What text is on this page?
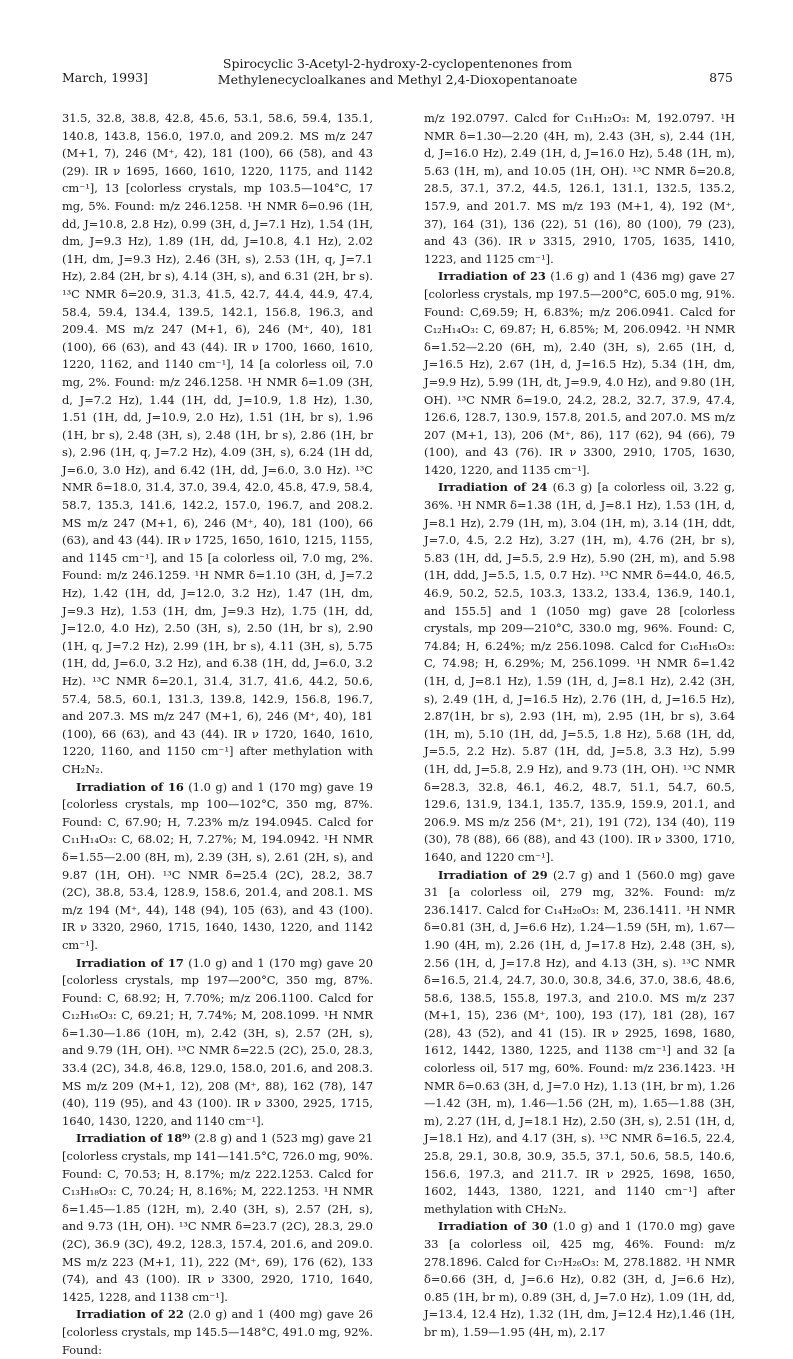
March, 1993]
Spirocyclic 3-Acetyl-2-hydroxy-2-cyclopentenones from
Methylenecycloalkanes and Methyl 2,4-Dioxopentanoate	875

31.5, 32.8, 38.8, 42.8, 45.6, 53.1, 58.6, 59.4, 135.1, 140.8, 143.8, 156.0, 197.0, and 209.2. MS m/z 247 (M+1, 7), 246 (M⁺, 42), 181 (100), 66 (58), and 43 (29). IR ν 1695, 1660, 1610, 1220, 1175, and 1142 cm⁻¹], 13 [colorless crystals, mp 103.5—104°C, 17 mg, 5%. Found: m/z 246.1258. ¹H NMR δ=0.96 (1H, dd, J=10.8, 2.8 Hz), 0.99 (3H, d, J=7.1 Hz), 1.54 (1H, dm, J=9.3 Hz), 1.89 (1H, dd, J=10.8, 4.1 Hz), 2.02 (1H, dm, J=9.3 Hz), 2.46 (3H, s), 2.53 (1H, q, J=7.1 Hz), 2.84 (2H, br s), 4.14 (3H, s), and 6.31 (2H, br s). ¹³C NMR δ=20.9, 31.3, 41.5, 42.7, 44.4, 44.9, 47.4, 58.4, 59.4, 134.4, 139.5, 142.1, 156.8, 196.3, and 209.4. MS m/z 247 (M+1, 6), 246 (M⁺, 40), 181 (100), 66 (63), and 43 (44). IR ν 1700, 1660, 1610, 1220, 1162, and 1140 cm⁻¹], 14 [a colorless oil, 7.0 mg, 2%. Found: m/z 246.1258. ¹H NMR δ=1.09 (3H, d, J=7.2 Hz), 1.44 (1H, dd, J=10.9, 1.8 Hz), 1.30, 1.51 (1H, dd, J=10.9, 2.0 Hz), 1.51 (1H, br s), 1.96 (1H, br s), 2.48 (3H, s), 2.48 (1H, br s), 2.86 (1H, br s), 2.96 (1H, q, J=7.2 Hz), 4.09 (3H, s), 6.24 (1H dd, J=6.0, 3.0 Hz), and 6.42 (1H, dd, J=6.0, 3.0 Hz). ¹³C NMR δ=18.0, 31.4, 37.0, 39.4, 42.0, 45.8, 47.9, 58.4, 58.7, 135.3, 141.6, 142.2, 157.0, 196.7, and 208.2. MS m/z 247 (M+1, 6), 246 (M⁺, 40), 181 (100), 66 (63), and 43 (44). IR ν 1725, 1650, 1610, 1215, 1155, and 1145 cm⁻¹], and 15 [a colorless oil, 7.0 mg, 2%. Found: m/z 246.1259. ¹H NMR δ=1.10 (3H, d, J=7.2 Hz), 1.42 (1H, dd, J=12.0, 3.2 Hz), 1.47 (1H, dm, J=9.3 Hz), 1.53 (1H, dm, J=9.3 Hz), 1.75 (1H, dd, J=12.0, 4.0 Hz), 2.50 (3H, s), 2.50 (1H, br s), 2.90 (1H, q, J=7.2 Hz), 2.99 (1H, br s), 4.11 (3H, s), 5.75 (1H, dd, J=6.0, 3.2 Hz), and 6.38 (1H, dd, J=6.0, 3.2 Hz). ¹³C NMR δ=20.1, 31.4, 31.7, 41.6, 44.2, 50.6, 57.4, 58.5, 60.1, 131.3, 139.8, 142.9, 156.8, 196.7, and 207.3. MS m/z 247 (M+1, 6), 246 (M⁺, 40), 181 (100), 66 (63), and 43 (44). IR ν 1720, 1640, 1610, 1220, 1160, and 1150 cm⁻¹] after methylation with CH₂N₂.

Irradiation of 16 (1.0 g) and 1 (170 mg) gave 19 [colorless crystals, mp 100—102°C, 350 mg, 87%. Found: C, 67.90; H, 7.23% m/z 194.0945. Calcd for C₁₁H₁₄O₃: C, 68.02; H, 7.27%; M, 194.0942. ¹H NMR δ=1.55—2.00 (8H, m), 2.39 (3H, s), 2.61 (2H, s), and 9.87 (1H, OH). ¹³C NMR δ=25.4 (2C), 28.2, 38.7 (2C), 38.8, 53.4, 128.9, 158.6, 201.4, and 208.1. MS m/z 194 (M⁺, 44), 148 (94), 105 (63), and 43 (100). IR ν 3320, 2960, 1715, 1640, 1430, 1220, and 1142 cm⁻¹].

Irradiation of 17 (1.0 g) and 1 (170 mg) gave 20 [colorless crystals, mp 197—200°C, 350 mg, 87%. Found: C, 68.92; H, 7.70%; m/z 206.1100. Calcd for C₁₂H₁₆O₃: C, 69.21; H, 7.74%; M, 208.1099. ¹H NMR δ=1.30—1.86 (10H, m), 2.42 (3H, s), 2.57 (2H, s), and 9.79 (1H, OH). ¹³C NMR δ=22.5 (2C), 25.0, 28.3, 33.4 (2C), 34.8, 46.8, 129.0, 158.0, 201.6, and 208.3. MS m/z 209 (M+1, 12), 208 (M⁺, 88), 162 (78), 147 (40), 119 (95), and 43 (100). IR ν 3300, 2925, 1715, 1640, 1430, 1220, and 1140 cm⁻¹].

Irradiation of 18⁹⁾ (2.8 g) and 1 (523 mg) gave 21 [colorless crystals, mp 141—141.5°C, 726.0 mg, 90%. Found: C, 70.53; H, 8.17%; m/z 222.1253. Calcd for C₁₃H₁₈O₃: C, 70.24; H, 8.16%; M, 222.1253. ¹H NMR δ=1.45—1.85 (12H, m), 2.40 (3H, s), 2.57 (2H, s), and 9.73 (1H, OH). ¹³C NMR δ=23.7 (2C), 28.3, 29.0 (2C), 36.9 (3C), 49.2, 128.3, 157.4, 201.6, and 209.0. MS m/z 223 (M+1, 11), 222 (M⁺, 69), 176 (62), 133 (74), and 43 (100). IR ν 3300, 2920, 1710, 1640, 1425, 1228, and 1138 cm⁻¹].

Irradiation of 22 (2.0 g) and 1 (400 mg) gave 26 [colorless crystals, mp 145.5—148°C, 491.0 mg, 92%. Found:

m/z 192.0797. Calcd for C₁₁H₁₂O₃: M, 192.0797. ¹H NMR δ=1.30—2.20 (4H, m), 2.43 (3H, s), 2.44 (1H, d, J=16.0 Hz), 2.49 (1H, d, J=16.0 Hz), 5.48 (1H, m), 5.63 (1H, m), and 10.05 (1H, OH). ¹³C NMR δ=20.8, 28.5, 37.1, 37.2, 44.5, 126.1, 131.1, 132.5, 135.2, 157.9, and 201.7. MS m/z 193 (M+1, 4), 192 (M⁺, 37), 164 (31), 136 (22), 51 (16), 80 (100), 79 (23), and 43 (36). IR ν 3315, 2910, 1705, 1635, 1410, 1223, and 1125 cm⁻¹].

Irradiation of 23 (1.6 g) and 1 (436 mg) gave 27 [colorless crystals, mp 197.5—200°C, 605.0 mg, 91%. Found: C,69.59; H, 6.83%; m/z 206.0941. Calcd for C₁₂H₁₄O₃: C, 69.87; H, 6.85%; M, 206.0942. ¹H NMR δ=1.52—2.20 (6H, m), 2.40 (3H, s), 2.65 (1H, d, J=16.5 Hz), 2.67 (1H, d, J=16.5 Hz), 5.34 (1H, dm, J=9.9 Hz), 5.99 (1H, dt, J=9.9, 4.0 Hz), and 9.80 (1H, OH). ¹³C NMR δ=19.0, 24.2, 28.2, 32.7, 37.9, 47.4, 126.6, 128.7, 130.9, 157.8, 201.5, and 207.0. MS m/z 207 (M+1, 13), 206 (M⁺, 86), 117 (62), 94 (66), 79 (100), and 43 (76). IR ν 3300, 2910, 1705, 1630, 1420, 1220, and 1135 cm⁻¹].

Irradiation of 24 (6.3 g) [a colorless oil, 3.22 g, 36%. ¹H NMR δ=1.38 (1H, d, J=8.1 Hz), 1.53 (1H, d, J=8.1 Hz), 2.79 (1H, m), 3.04 (1H, m), 3.14 (1H, ddt, J=7.0, 4.5, 2.2 Hz), 3.27 (1H, m), 4.76 (2H, br s), 5.83 (1H, dd, J=5.5, 2.9 Hz), 5.90 (2H, m), and 5.98 (1H, ddd, J=5.5, 1.5, 0.7 Hz). ¹³C NMR δ=44.0, 46.5, 46.9, 50.2, 52.5, 103.3, 133.2, 133.4, 136.9, 140.1, and 155.5] and 1 (1050 mg) gave 28 [colorless crystals, mp 209—210°C, 330.0 mg, 96%. Found: C, 74.84; H, 6.24%; m/z 256.1098. Calcd for C₁₆H₁₆O₃: C, 74.98; H, 6.29%; M, 256.1099. ¹H NMR δ=1.42 (1H, d, J=8.1 Hz), 1.59 (1H, d, J=8.1 Hz), 2.42 (3H, s), 2.49 (1H, d, J=16.5 Hz), 2.76 (1H, d, J=16.5 Hz), 2.87(1H, br s), 2.93 (1H, m), 2.95 (1H, br s), 3.64 (1H, m), 5.10 (1H, dd, J=5.5, 1.8 Hz), 5.68 (1H, dd, J=5.5, 2.2 Hz). 5.87 (1H, dd, J=5.8, 3.3 Hz), 5.99 (1H, dd, J=5.8, 2.9 Hz), and 9.73 (1H, OH). ¹³C NMR δ=28.3, 32.8, 46.1, 46.2, 48.7, 51.1, 54.7, 60.5, 129.6, 131.9, 134.1, 135.7, 135.9, 159.9, 201.1, and 206.9. MS m/z 256 (M⁺, 21), 191 (72), 134 (40), 119 (30), 78 (88), 66 (88), and 43 (100). IR ν 3300, 1710, 1640, and 1220 cm⁻¹].

Irradiation of 29 (2.7 g) and 1 (560.0 mg) gave 31 [a colorless oil, 279 mg, 32%. Found: m/z 236.1417. Calcd for C₁₄H₂₀O₃: M, 236.1411. ¹H NMR δ=0.81 (3H, d, J=6.6 Hz), 1.24—1.59 (5H, m), 1.67—1.90 (4H, m), 2.26 (1H, d, J=17.8 Hz), 2.48 (3H, s), 2.56 (1H, d, J=17.8 Hz), and 4.13 (3H, s). ¹³C NMR δ=16.5, 21.4, 24.7, 30.0, 30.8, 34.6, 37.0, 38.6, 48.6, 58.6, 138.5, 155.8, 197.3, and 210.0. MS m/z 237 (M+1, 15), 236 (M⁺, 100), 193 (17), 181 (28), 167 (28), 43 (52), and 41 (15). IR ν 2925, 1698, 1680, 1612, 1442, 1380, 1225, and 1138 cm⁻¹] and 32 [a colorless oil, 517 mg, 60%. Found: m/z 236.1423. ¹H NMR δ=0.63 (3H, d, J=7.0 Hz), 1.13 (1H, br m), 1.26—1.42 (3H, m), 1.46—1.56 (2H, m), 1.65—1.88 (3H, m), 2.27 (1H, d, J=18.1 Hz), 2.50 (3H, s), 2.51 (1H, d, J=18.1 Hz), and 4.17 (3H, s). ¹³C NMR δ=16.5, 22.4, 25.8, 29.1, 30.8, 30.9, 35.5, 37.1, 50.6, 58.5, 140.6, 156.6, 197.3, and 211.7. IR ν 2925, 1698, 1650, 1602, 1443, 1380, 1221, and 1140 cm⁻¹] after methylation with CH₂N₂.

Irradiation of 30 (1.0 g) and 1 (170.0 mg) gave 33 [a colorless oil, 425 mg, 46%. Found: m/z 278.1896. Calcd for C₁₇H₂₆O₃: M, 278.1882. ¹H NMR δ=0.66 (3H, d, J=6.6 Hz), 0.82 (3H, d, J=6.6 Hz), 0.85 (1H, br m), 0.89 (3H, d, J=7.0 Hz), 1.09 (1H, dd, J=13.4, 12.4 Hz), 1.32 (1H, dm, J=12.4 Hz),1.46 (1H, br m), 1.59—1.95 (4H, m), 2.17
